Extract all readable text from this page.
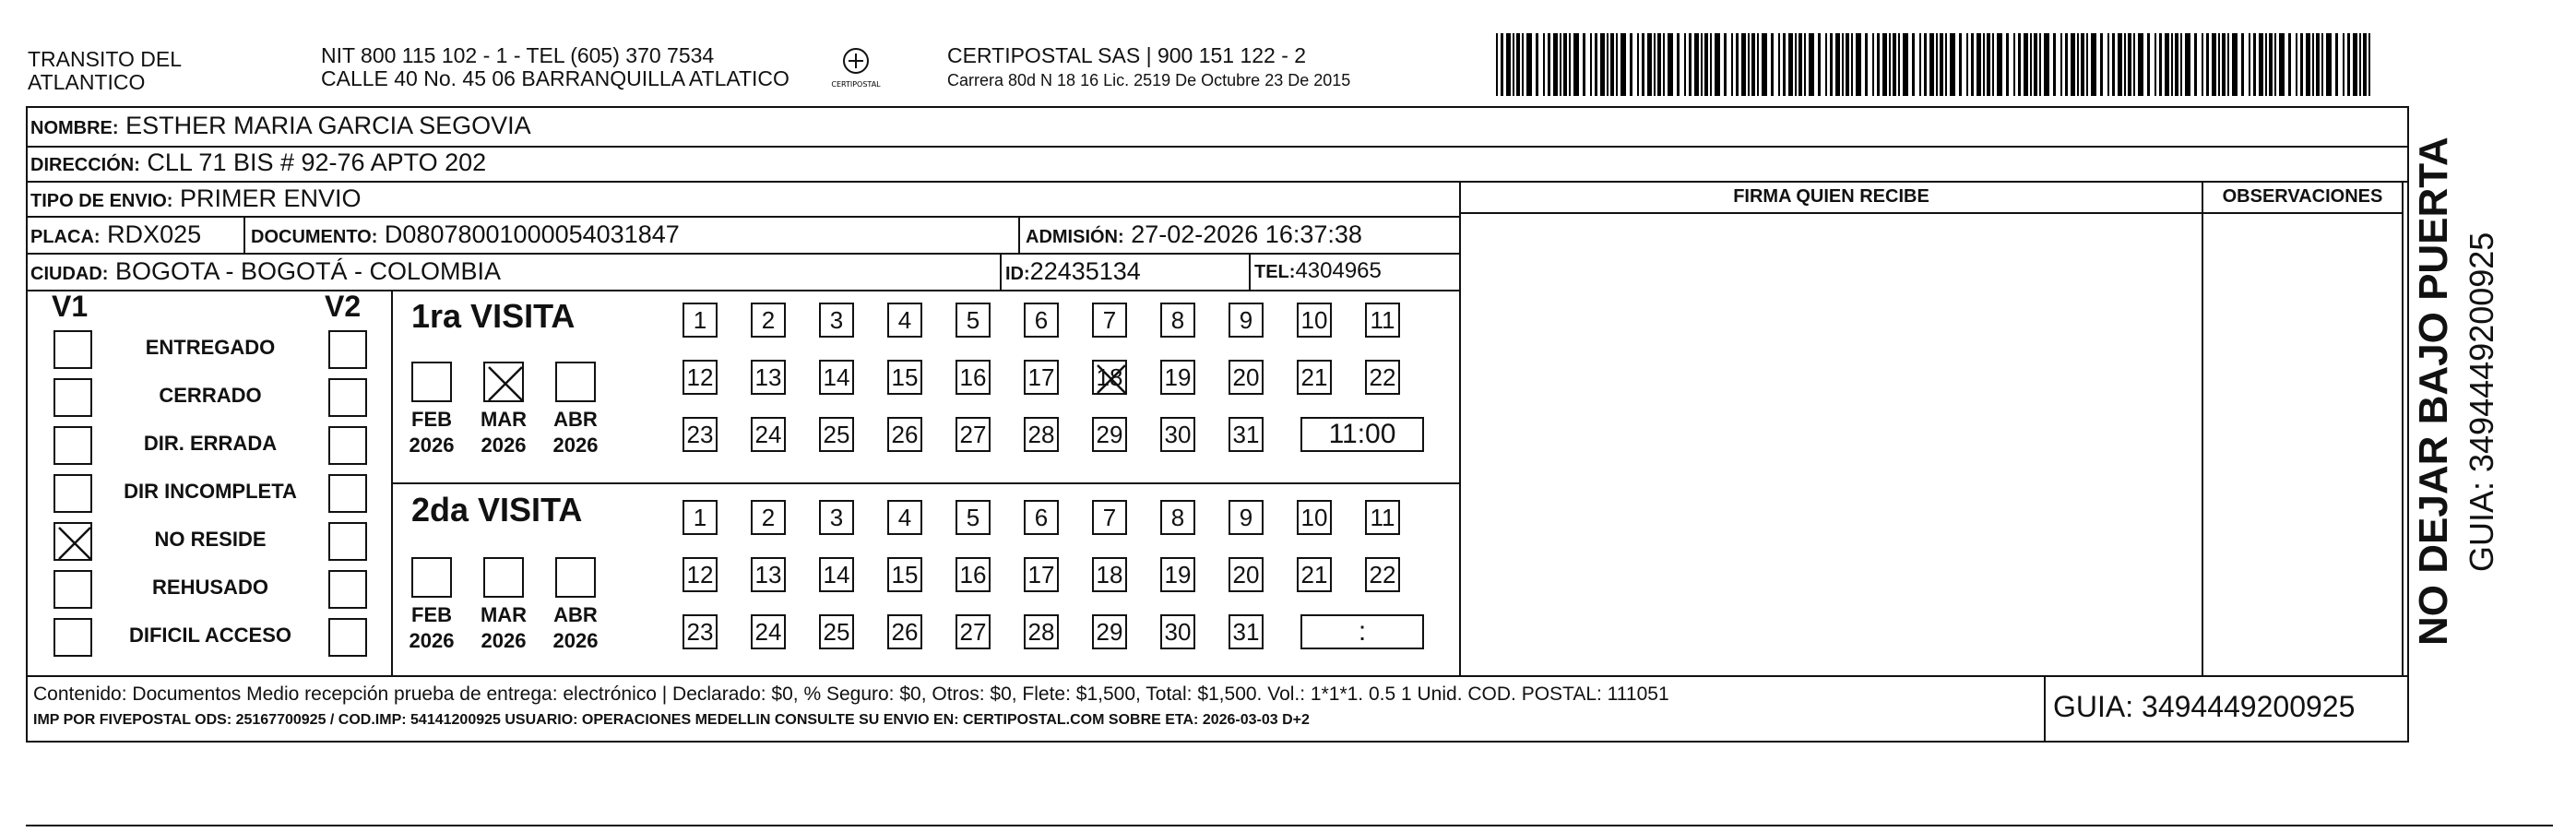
TRANSITO DEL ATLANTICO
NIT 800 115 102 - 1 - TEL (605) 370 7534
CALLE 40 No. 45 06 BARRANQUILLA ATLATICO	CERTIPOSTAL
CERTIPOSTAL SAS | 900 151 122 - 2
Carrera 80d N 18 16 Lic. 2519 De Octubre 23 De 2015
NOMBRE: ESTHER MARIA GARCIA SEGOVIA
DIRECCIÓN: CLL 71 BIS # 92-76 APTO 202
TIPO DE ENVIO: PRIMER ENVIO
PLACA: RDX025	DOCUMENTO: D08078001000054031847	ADMISIÓN: 27-02-2026 16:37:38
CIUDAD: BOGOTA - BOGOTÁ - COLOMBIA	ID:22435134	TEL:4304965
FIRMA QUIEN RECIBE	OBSERVACIONES
V1	V2
ENTREGADO
CERRADO
DIR. ERRADA
DIR INCOMPLETA
NO RESIDE
REHUSADO
DIFICIL ACCESO
1ra VISITA
FEB
2026
MAR
2026
ABR
2026
1	2	3	4	5	6	7	8	9	10 11
12 13 14 15 16 17 18 19 20 21 22
23 24 25 26 27 28 29 30 31	11:00
2da VISITA
FEB
2026
MAR
2026
ABR
2026
1	2	3	4	5	6	7	8	9	10 11
12 13 14 15 16 17 18 19 20 21 22
23 24 25 26 27 28 29 30 31	:
Contenido: Documentos Medio recepción prueba de entrega: electrónico | Declarado: $0, % Seguro: $0, Otros: $0, Flete: $1,500, Total: $1,500. Vol.: 1*1*1. 0.5 1 Unid. COD. POSTAL: 111051
IMP POR FIVEPOSTAL ODS: 25167700925 / COD.IMP: 54141200925 USUARIO: OPERACIONES MEDELLIN CONSULTE SU ENVIO EN: CERTIPOSTAL.COM SOBRE ETA: 2026-03-03 D+2	GUIA: 3494449200925
NO DEJAR BAJO PUERTA GUIA: 3494449200925
